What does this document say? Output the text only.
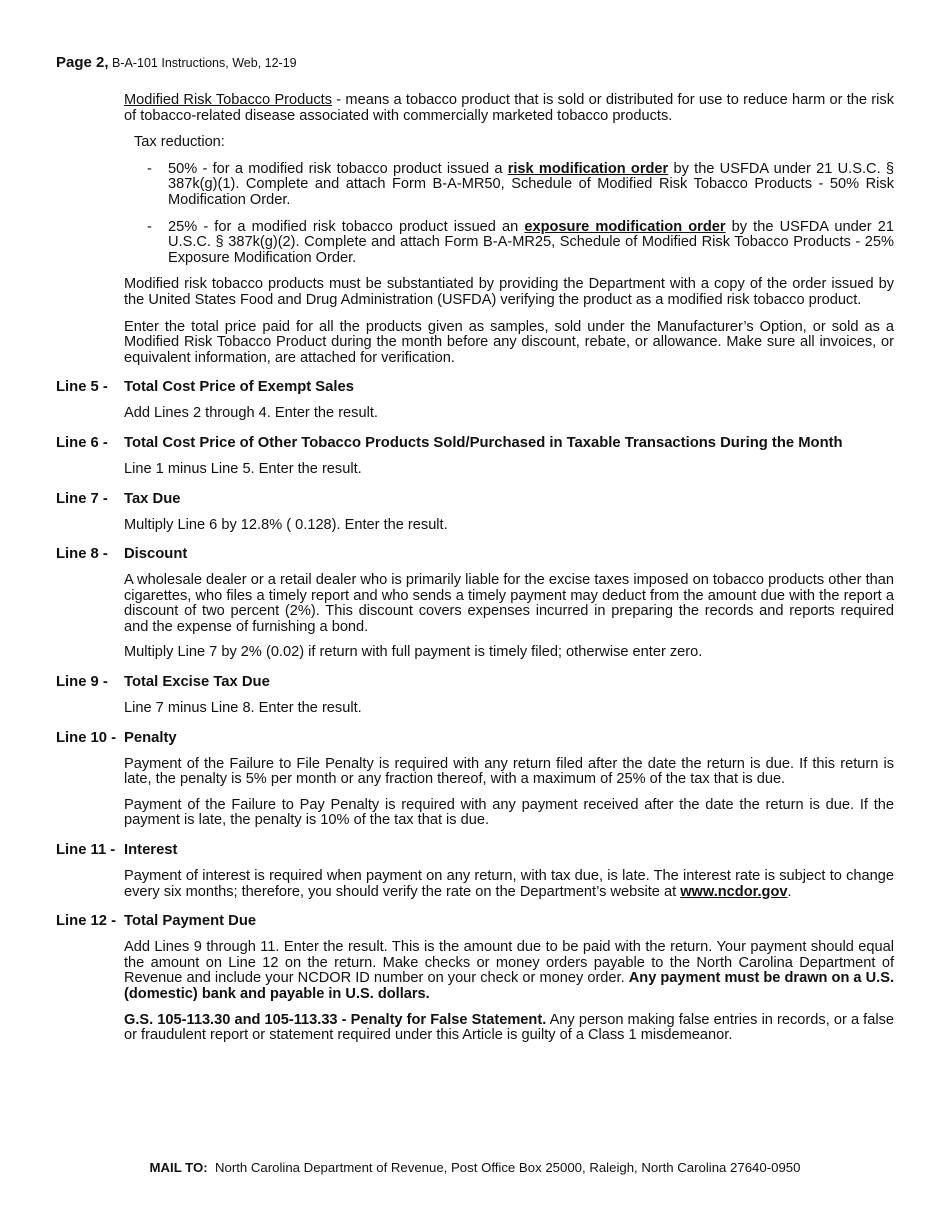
Page 2, B-A-101 Instructions, Web, 12-19

Modified Risk Tobacco Products - means a tobacco product that is sold or distributed for use to reduce harm or the risk of tobacco-related disease associated with commercially marketed tobacco products.

Tax reduction:

- 50% - for a modified risk tobacco product issued a risk modification order by the USFDA under 21 U.S.C. § 387k(g)(1). Complete and attach Form B-A-MR50, Schedule of Modified Risk Tobacco Products - 50% Risk Modification Order.

- 25% - for a modified risk tobacco product issued an exposure modification order by the USFDA under 21 U.S.C. § 387k(g)(2). Complete and attach Form B-A-MR25, Schedule of Modified Risk Tobacco Products - 25% Exposure Modification Order.

Modified risk tobacco products must be substantiated by providing the Department with a copy of the order issued by the United States Food and Drug Administration (USFDA) verifying the product as a modified risk tobacco product.

Enter the total price paid for all the products given as samples, sold under the Manufacturer’s Option, or sold as a Modified Risk Tobacco Product during the month before any discount, rebate, or allowance. Make sure all invoices, or equivalent information, are attached for verification.

Line 5 -	Total Cost Price of Exempt Sales

Add Lines 2 through 4. Enter the result.

Line 6 -	Total Cost Price of Other Tobacco Products Sold/Purchased in Taxable Transactions During the Month

Line 1 minus Line 5. Enter the result.

Line 7 -	Tax Due

Multiply Line 6 by 12.8% ( 0.128). Enter the result.

Line 8 -	Discount

A wholesale dealer or a retail dealer who is primarily liable for the excise taxes imposed on tobacco products other than cigarettes, who files a timely report and who sends a timely payment may deduct from the amount due with the report a discount of two percent (2%). This discount covers expenses incurred in preparing the records and reports required and the expense of furnishing a bond.

Multiply Line 7 by 2% (0.02) if return with full payment is timely filed; otherwise enter zero.

Line 9 -	Total Excise Tax Due

Line 7 minus Line 8. Enter the result.

Line 10 - Penalty

Payment of the Failure to File Penalty is required with any return filed after the date the return is due. If this return is late, the penalty is 5% per month or any fraction thereof, with a maximum of 25% of the tax that is due.

Payment of the Failure to Pay Penalty is required with any payment received after the date the return is due. If the payment is late, the penalty is 10% of the tax that is due.

Line 11 - Interest

Payment of interest is required when payment on any return, with tax due, is late. The interest rate is subject to change every six months; therefore, you should verify the rate on the Department’s website at www.ncdor.gov.

Line 12 - Total Payment Due

Add Lines 9 through 11. Enter the result. This is the amount due to be paid with the return. Your payment should equal the amount on Line 12 on the return. Make checks or money orders payable to the North Carolina Department of Revenue and include your NCDOR ID number on your check or money order. Any payment must be drawn on a U.S. (domestic) bank and payable in U.S. dollars.

G.S. 105-113.30 and 105-113.33 - Penalty for False Statement. Any person making false entries in records, or a false or fraudulent report or statement required under this Article is guilty of a Class 1 misdemeanor.

MAIL TO:  North Carolina Department of Revenue, Post Office Box 25000, Raleigh, North Carolina 27640-0950
